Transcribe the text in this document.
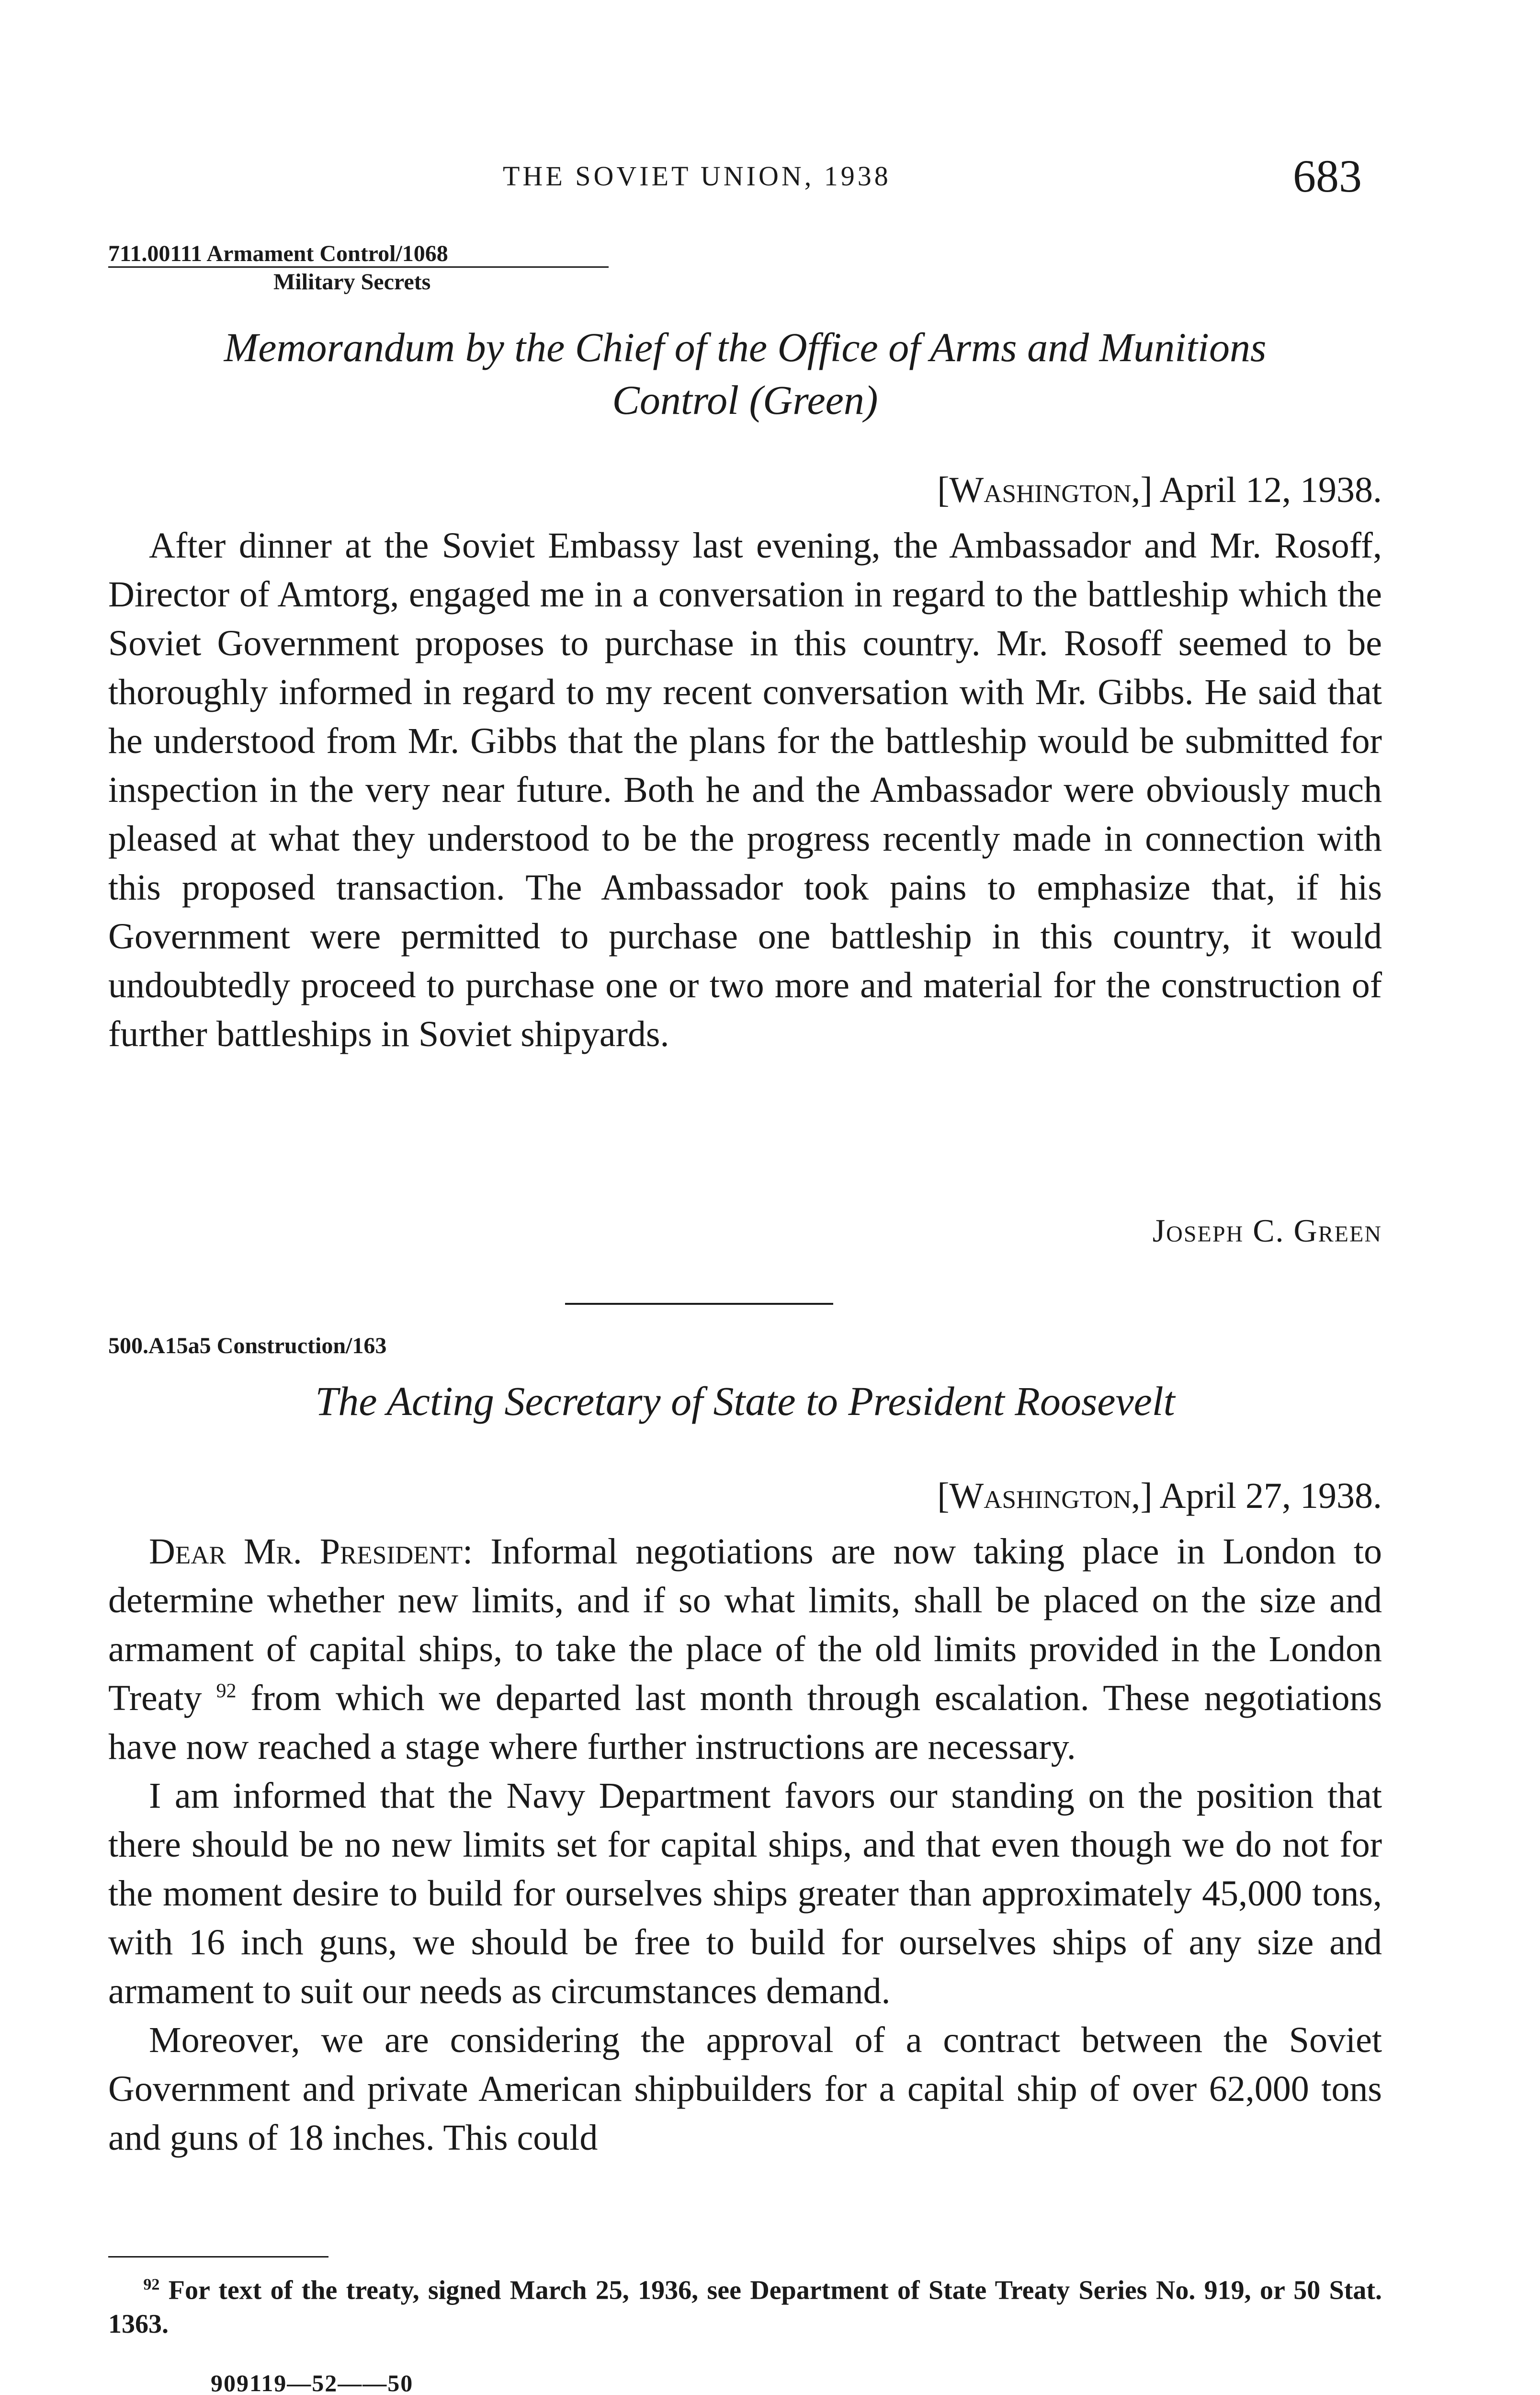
THE SOVIET UNION, 1938	683
711.00111 Armament Control/1068
Military Secrets
Memorandum by the Chief of the Office of Arms and Munitions
Control (Green)
[Washington,] April 12, 1938.

After dinner at the Soviet Embassy last evening, the Ambassador and Mr. Rosoff, Director of Amtorg, engaged me in a conversation in regard to the battleship which the Soviet Government proposes to purchase in this country. Mr. Rosoff seemed to be thoroughly informed in regard to my recent conversation with Mr. Gibbs. He said that he understood from Mr. Gibbs that the plans for the battleship would be submitted for inspection in the very near future. Both he and the Ambassador were obviously much pleased at what they understood to be the progress recently made in connection with this proposed transaction. The Ambassador took pains to emphasize that, if his Government were permitted to purchase one battleship in this country, it would undoubtedly proceed to purchase one or two more and material for the construction of further battleships in Soviet shipyards.

Joseph C. Green
500.A15a5 Construction/163
The Acting Secretary of State to President Roosevelt
[Washington,] April 27, 1938.

Dear Mr. President: Informal negotiations are now taking place in London to determine whether new limits, and if so what limits, shall be placed on the size and armament of capital ships, to take the place of the old limits provided in the London Treaty $^{92}$ from which we departed last month through escalation. These negotiations have now reached a stage where further instructions are necessary.

I am informed that the Navy Department favors our standing on the position that there should be no new limits set for capital ships, and that even though we do not for the moment desire to build for ourselves ships greater than approximately 45,000 tons, with 16 inch guns, we should be free to build for ourselves ships of any size and armament to suit our needs as circumstances demand.

Moreover, we are considering the approval of a contract between the Soviet Government and private American shipbuilders for a capital ship of over 62,000 tons and guns of 18 inches. This could

$^{92}$ For text of the treaty, signed March 25, 1936, see Department of State Treaty Series No. 919, or 50 Stat. 1363.
909119—52——50
